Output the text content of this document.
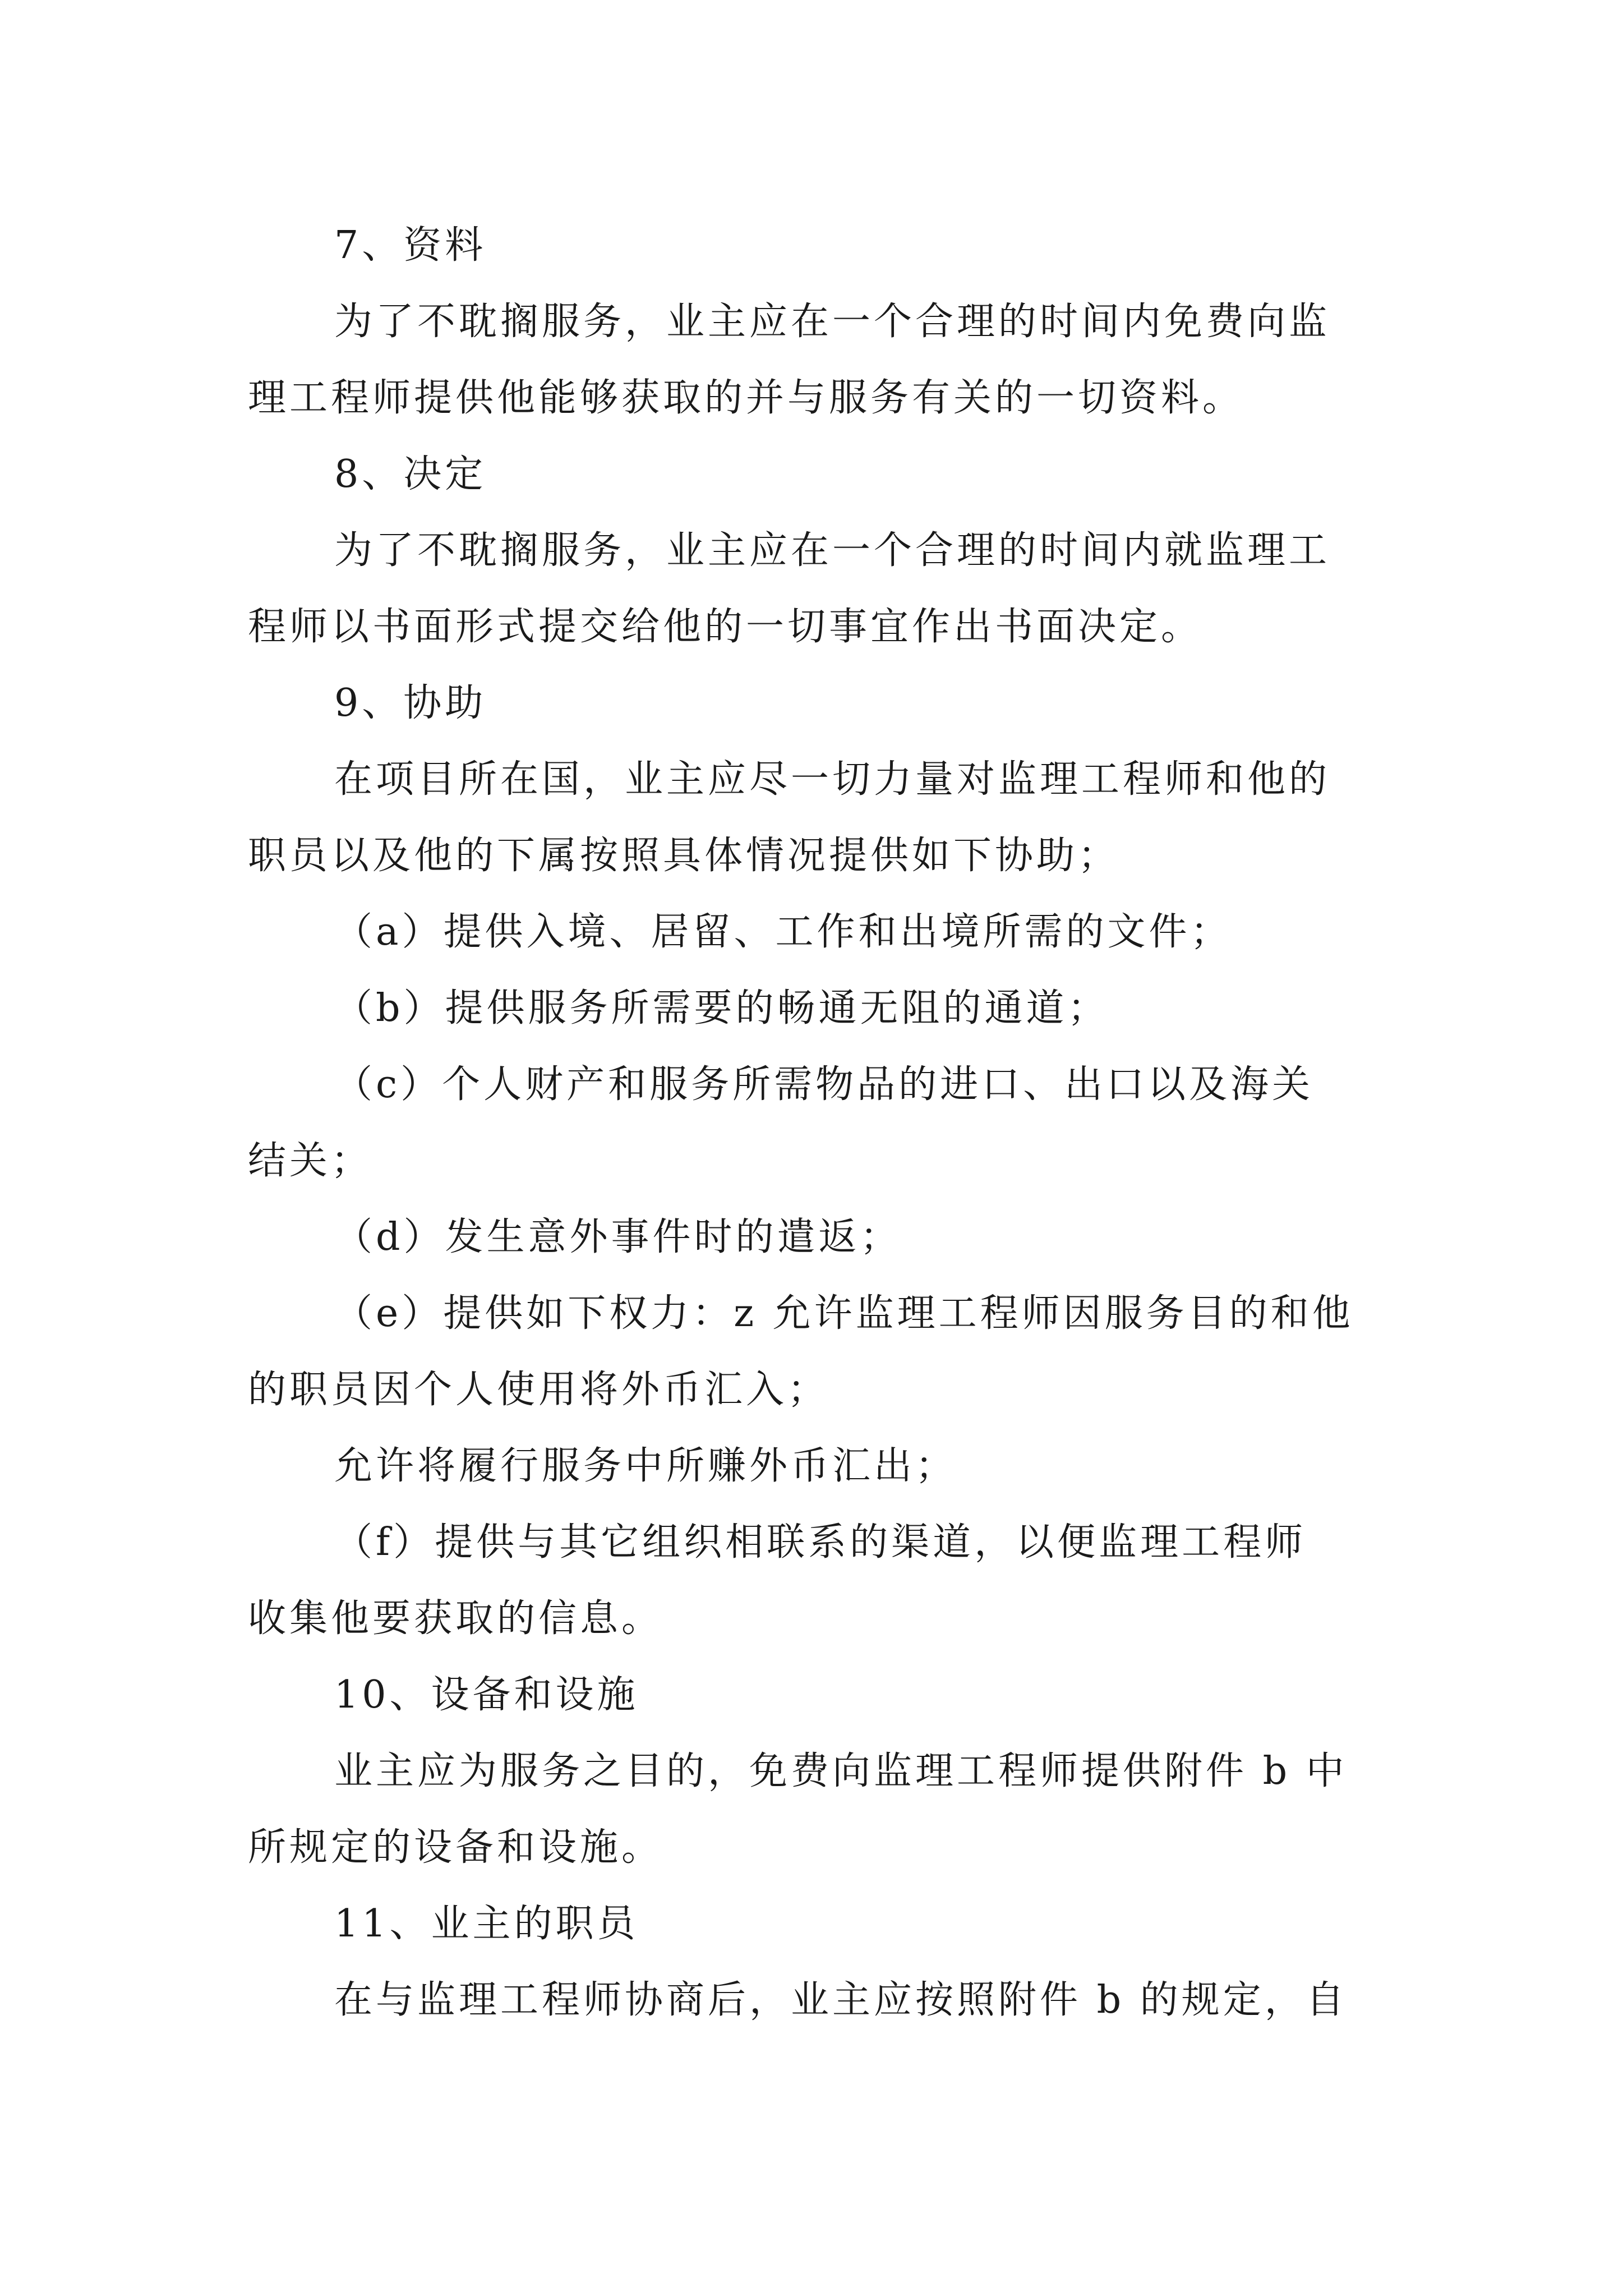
7、资料
为了不耽搁服务，业主应在一个合理的时间内免费向监
理工程师提供他能够获取的并与服务有关的一切资料。
8、决定
为了不耽搁服务，业主应在一个合理的时间内就监理工
程师以书面形式提交给他的一切事宜作出书面决定。
9、协助
在项目所在国，业主应尽一切力量对监理工程师和他的
职员以及他的下属按照具体情况提供如下协助；
（a）提供入境、居留、工作和出境所需的文件；
（b）提供服务所需要的畅通无阻的通道；
（c）个人财产和服务所需物品的进口、出口以及海关
结关；
（d）发生意外事件时的遣返；
（e）提供如下权力：z 允许监理工程师因服务目的和他
的职员因个人使用将外币汇入；
允许将履行服务中所赚外币汇出；
（f）提供与其它组织相联系的渠道，以便监理工程师
收集他要获取的信息。
10、设备和设施
业主应为服务之目的，免费向监理工程师提供附件 b 中
所规定的设备和设施。
11、业主的职员
在与监理工程师协商后，业主应按照附件 b 的规定，自
